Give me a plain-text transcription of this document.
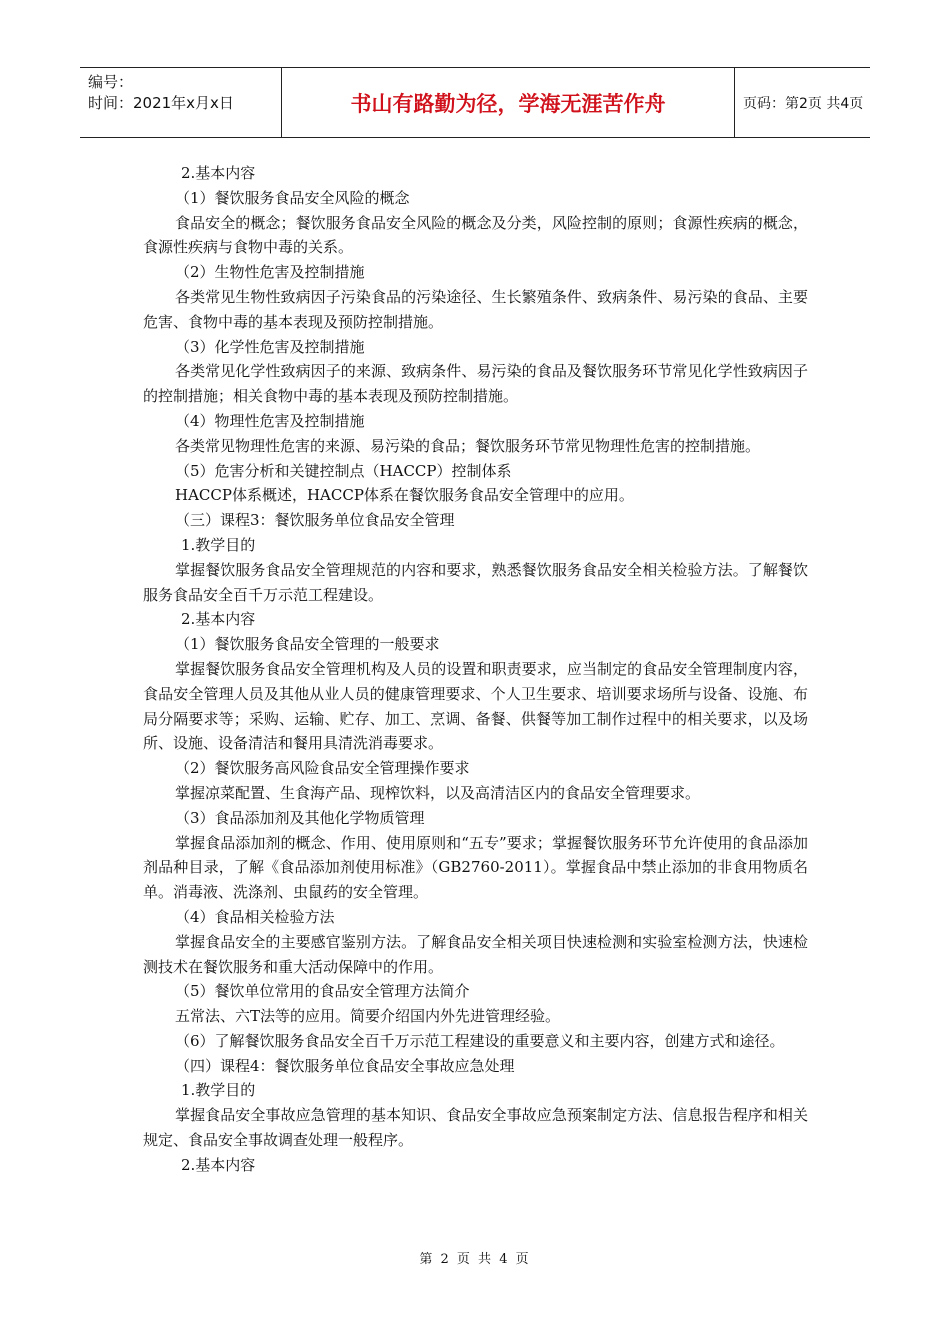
编号：
时间：2021年x月x日	书山有路勤为径，学海无涯苦作舟	页码：第2页 共4页

2.基本内容

（1）餐饮服务食品安全风险的概念

食品安全的概念；餐饮服务食品安全风险的概念及分类，风险控制的原则；食源性疾病的概念，食源性疾病与食物中毒的关系。

（2）生物性危害及控制措施

各类常见生物性致病因子污染食品的污染途径、生长繁殖条件、致病条件、易污染的食品、主要危害、食物中毒的基本表现及预防控制措施。

（3）化学性危害及控制措施

各类常见化学性致病因子的来源、致病条件、易污染的食品及餐饮服务环节常见化学性致病因子的控制措施；相关食物中毒的基本表现及预防控制措施。

（4）物理性危害及控制措施

各类常见物理性危害的来源、易污染的食品；餐饮服务环节常见物理性危害的控制措施。

（5）危害分析和关键控制点（HACCP）控制体系

HACCP体系概述，HACCP体系在餐饮服务食品安全管理中的应用。

（三）课程3：餐饮服务单位食品安全管理

1.教学目的

掌握餐饮服务食品安全管理规范的内容和要求，熟悉餐饮服务食品安全相关检验方法。了解餐饮服务食品安全百千万示范工程建设。

2.基本内容

（1）餐饮服务食品安全管理的一般要求

掌握餐饮服务食品安全管理机构及人员的设置和职责要求，应当制定的食品安全管理制度内容，食品安全管理人员及其他从业人员的健康管理要求、个人卫生要求、培训要求场所与设备、设施、布局分隔要求等；采购、运输、贮存、加工、烹调、备餐、供餐等加工制作过程中的相关要求，以及场所、设施、设备清洁和餐用具清洗消毒要求。

（2）餐饮服务高风险食品安全管理操作要求

掌握凉菜配置、生食海产品、现榨饮料，以及高清洁区内的食品安全管理要求。

（3）食品添加剂及其他化学物质管理

掌握食品添加剂的概念、作用、使用原则和“五专”要求；掌握餐饮服务环节允许使用的食品添加剂品种目录，了解《食品添加剂使用标准》（GB2760-2011）。掌握食品中禁止添加的非食用物质名单。消毒液、洗涤剂、虫鼠药的安全管理。

（4）食品相关检验方法

掌握食品安全的主要感官鉴别方法。了解食品安全相关项目快速检测和实验室检测方法，快速检测技术在餐饮服务和重大活动保障中的作用。

（5）餐饮单位常用的食品安全管理方法简介

五常法、六T法等的应用。简要介绍国内外先进管理经验。

（6）了解餐饮服务食品安全百千万示范工程建设的重要意义和主要内容，创建方式和途径。

（四）课程4：餐饮服务单位食品安全事故应急处理

1.教学目的

掌握食品安全事故应急管理的基本知识、食品安全事故应急预案制定方法、信息报告程序和相关规定、食品安全事故调查处理一般程序。

2.基本内容

第 2 页 共 4 页
